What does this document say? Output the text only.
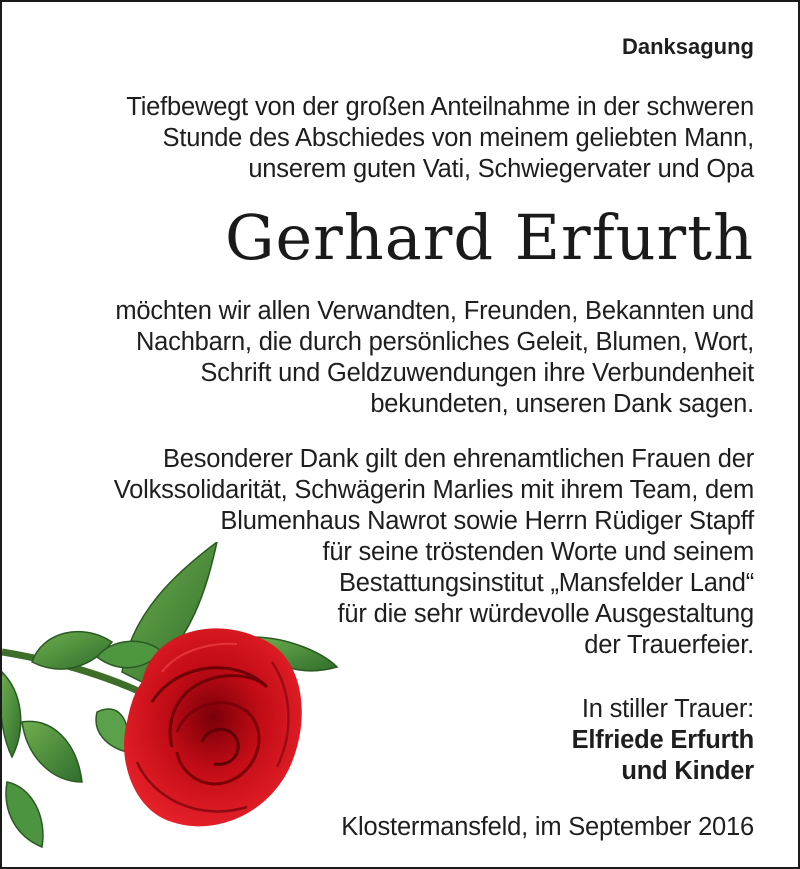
Danksagung
Tiefbewegt von der großen Anteilnahme in der schweren
Stunde des Abschiedes von meinem geliebten Mann,
unserem guten Vati, Schwiegervater und Opa
Gerhard Erfurth
möchten wir allen Verwandten, Freunden, Bekannten und
Nachbarn, die durch persönliches Geleit, Blumen, Wort,
Schrift und Geldzuwendungen ihre Verbundenheit
bekundeten, unseren Dank sagen.
Besonderer Dank gilt den ehrenamtlichen Frauen der
Volkssolidarität, Schwägerin Marlies mit ihrem Team, dem
Blumenhaus Nawrot sowie Herrn Rüdiger Stapff
für seine tröstenden Worte und seinem
Bestattungsinstitut „Mansfelder Land“
für die sehr würdevolle Ausgestaltung
der Trauerfeier.
In stiller Trauer:
Elfriede Erfurth
und Kinder
Klostermansfeld, im September 2016
